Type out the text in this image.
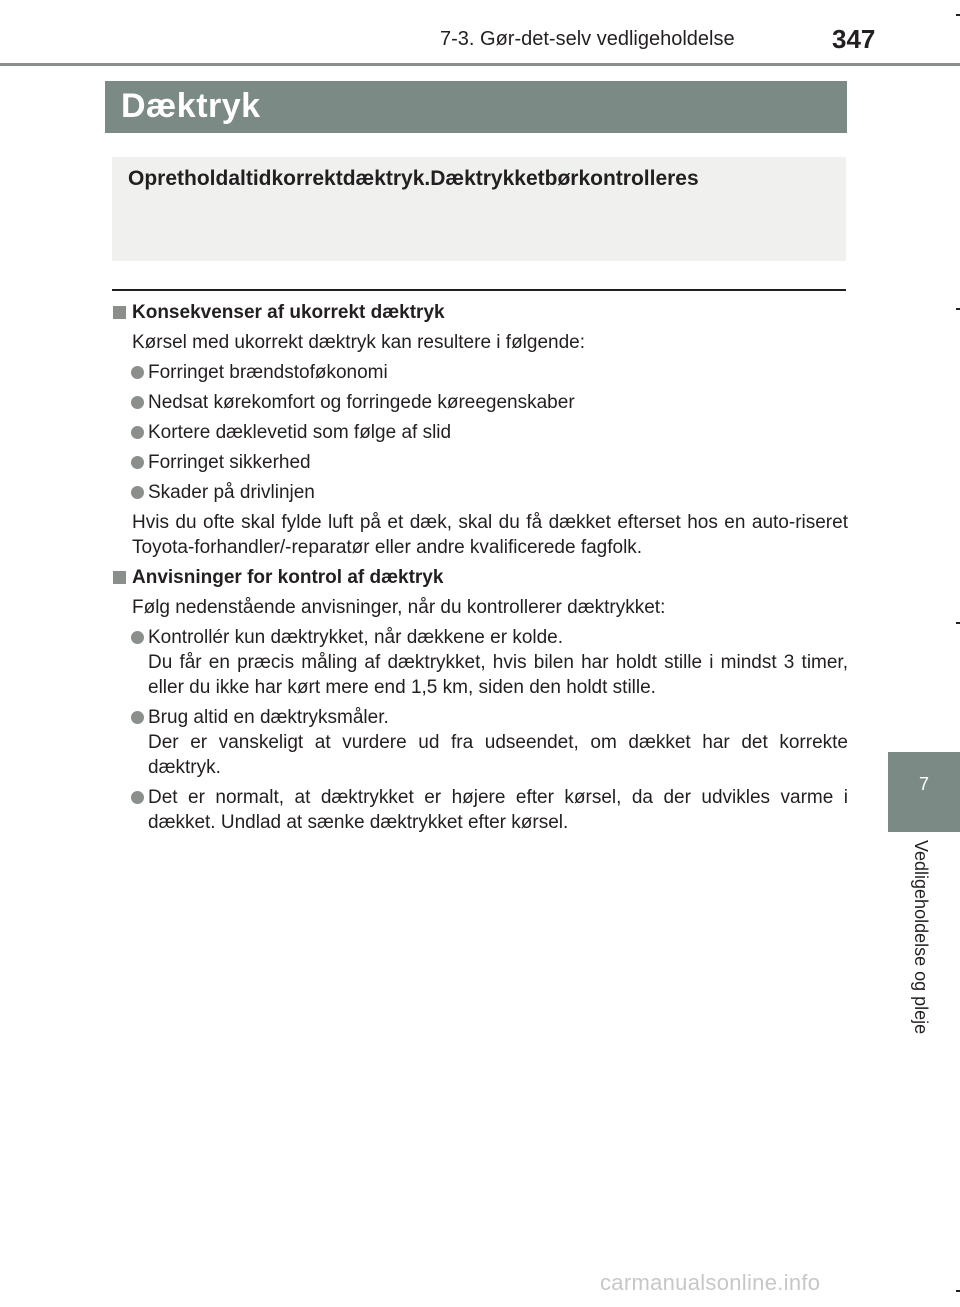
7-3. Gør-det-selv vedligeholdelse	347
Dæktryk
Opretholdaltidkorrektdæktryk.Dæktrykketbørkontrolleres
Konsekvenser af ukorrekt dæktryk
Kørsel med ukorrekt dæktryk kan resultere i følgende:
Forringet brændstoføkonomi
Nedsat kørekomfort og forringede køreegenskaber
Kortere dæklevetid som følge af slid
Forringet sikkerhed
Skader på drivlinjen
Hvis du ofte skal fylde luft på et dæk, skal du få dækket efterset hos en auto-riseret Toyota-forhandler/-reparatør eller andre kvalificerede fagfolk.
Anvisninger for kontrol af dæktryk
Følg nedenstående anvisninger, når du kontrollerer dæktrykket:
Kontrollér kun dæktrykket, når dækkene er kolde.
Du får en præcis måling af dæktrykket, hvis bilen har holdt stille i mindst 3 timer, eller du ikke har kørt mere end 1,5 km, siden den holdt stille.
Brug altid en dæktryksmåler.
Der er vanskeligt at vurdere ud fra udseendet, om dækket har det korrekte dæktryk.
Det er normalt, at dæktrykket er højere efter kørsel, da der udvikles varme i dækket. Undlad at sænke dæktrykket efter kørsel.
7
Vedligeholdelse og pleje
carmanualsonline.info
